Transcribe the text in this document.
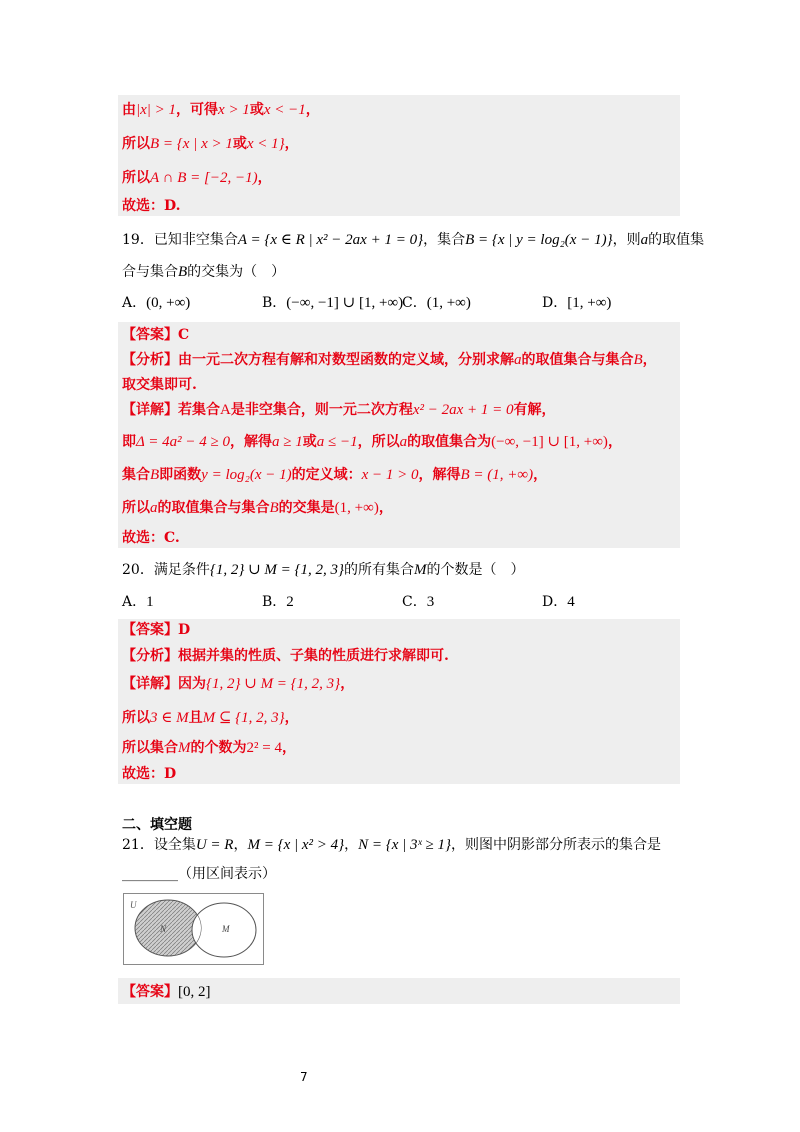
由|x| > 1，可得x > 1或x < −1，
所以B = {x | x > 1或x < 1}，
所以A ∩ B = [−2, −1)，
故选：D.
19．已知非空集合A = {x ∈ R | x² − 2ax + 1 = 0}，集合B = {x | y = log₂(x − 1)}，则a的取值集
合与集合B的交集为（　）
A．(0, +∞)	B．(−∞, −1] ∪ [1, +∞)
C．(1, +∞)	D．[1, +∞)
【答案】C
【分析】由一元二次方程有解和对数型函数的定义域，分别求解a的取值集合与集合B，
取交集即可.
【详解】若集合A是非空集合，则一元二次方程x² − 2ax + 1 = 0有解，
即Δ = 4a² − 4 ≥ 0，解得a ≥ 1或a ≤ −1，所以a的取值集合为(−∞, −1] ∪ [1, +∞)，
集合B即函数y = log₂(x − 1)的定义域：x − 1 > 0，解得B = (1, +∞)，
所以a的取值集合与集合B的交集是(1, +∞)，
故选：C.
20．满足条件{1, 2} ∪ M = {1, 2, 3}的所有集合M的个数是（　）
A．1	B．2	C．3	D．4
【答案】D
【分析】根据并集的性质、子集的性质进行求解即可.
【详解】因为{1, 2} ∪ M = {1, 2, 3}，
所以3 ∈ M且M ⊆ {1, 2, 3}，
所以集合M的个数为2² = 4，
故选：D
二、填空题
21．设全集U = R，M = {x | x² > 4}，N = {x | 3ˣ ≥ 1}，则图中阴影部分所表示的集合是
________（用区间表示）
U
N	M
【答案】[0, 2]
7
